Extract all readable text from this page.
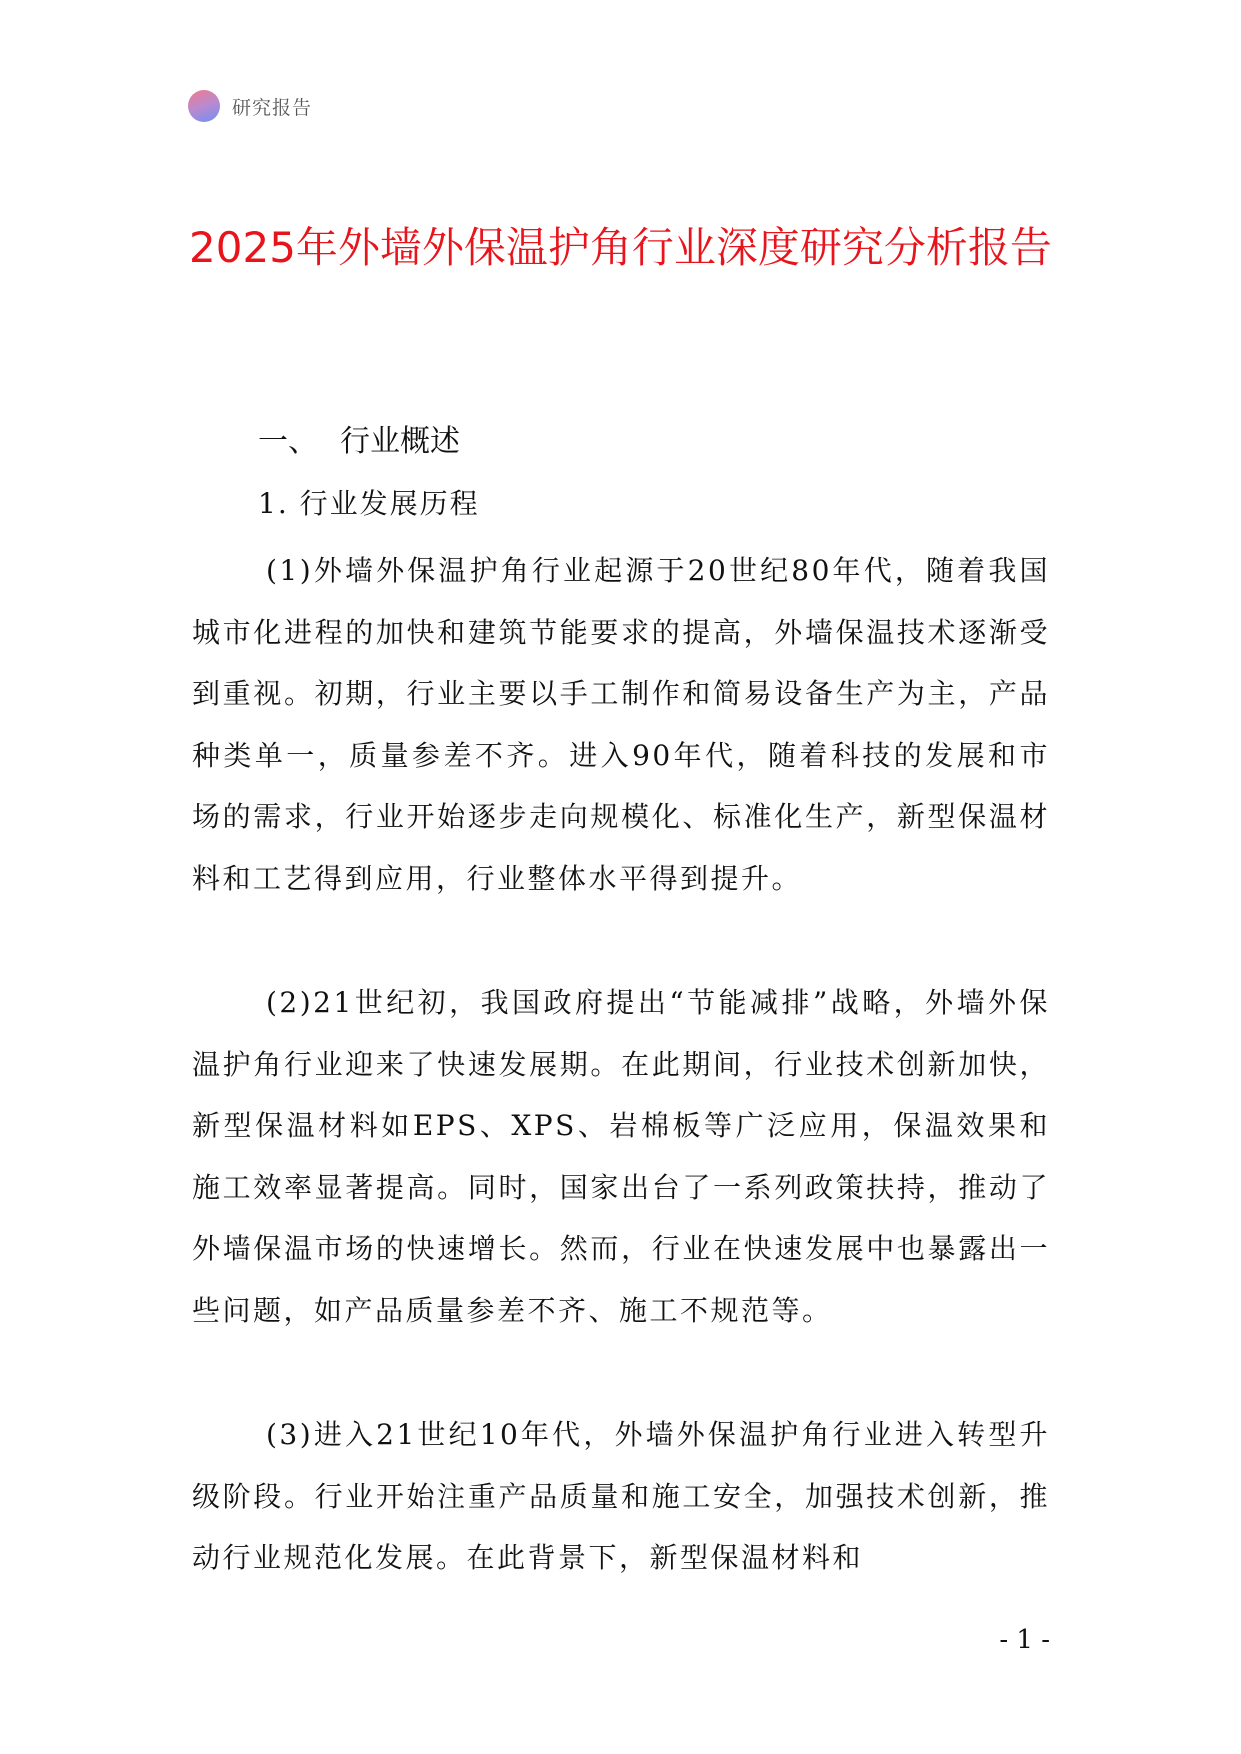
研究报告
2025年外墙外保温护角行业深度研究分析报告
一、 行业概述
1. 行业发展历程

(1)外墙外保温护角行业起源于20世纪80年代，随着我国城市化进程的加快和建筑节能要求的提高，外墙保温技术逐渐受到重视。初期，行业主要以手工制作和简易设备生产为主，产品种类单一，质量参差不齐。进入90年代，随着科技的发展和市场的需求，行业开始逐步走向规模化、标准化生产，新型保温材料和工艺得到应用，行业整体水平得到提升。

(2)21世纪初，我国政府提出“节能减排”战略，外墙外保温护角行业迎来了快速发展期。在此期间，行业技术创新加快，新型保温材料如EPS、XPS、岩棉板等广泛应用，保温效果和施工效率显著提高。同时，国家出台了一系列政策扶持，推动了外墙保温市场的快速增长。然而，行业在快速发展中也暴露出一些问题，如产品质量参差不齐、施工不规范等。

(3)进入21世纪10年代，外墙外保温护角行业进入转型升级阶段。行业开始注重产品质量和施工安全，加强技术创新，推动行业规范化发展。在此背景下，新型保温材料和

- 1 -
